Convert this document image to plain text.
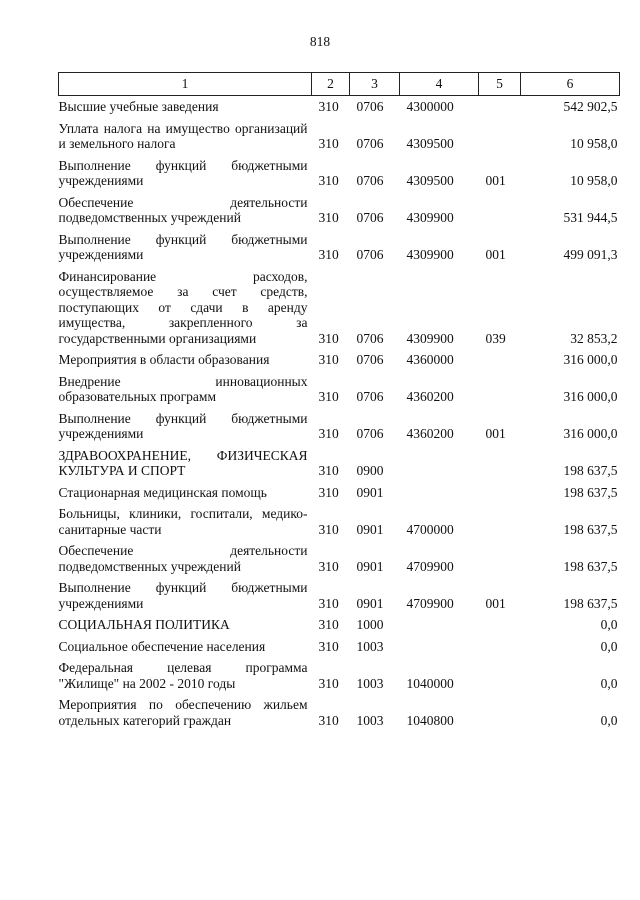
818
1	2	3	4	5	6
Высшие учебные заведения	310	0706	4300000		542 902,5
Уплата налога на имущество организаций и земельного налога	310	0706	4309500		10 958,0
Выполнение функций бюджетными учреждениями	310	0706	4309500	001	10 958,0
Обеспечение деятельности подведомственных учреждений	310	0706	4309900		531 944,5
Выполнение функций бюджетными учреждениями	310	0706	4309900	001	499 091,3
Финансирование расходов, осуществляемое за счет средств, поступающих от сдачи в аренду имущества, закрепленного за государственными организациями	310	0706	4309900	039	32 853,2
Мероприятия в области образования	310	0706	4360000		316 000,0
Внедрение инновационных образовательных программ	310	0706	4360200		316 000,0
Выполнение функций бюджетными учреждениями	310	0706	4360200	001	316 000,0
ЗДРАВООХРАНЕНИЕ, ФИЗИЧЕСКАЯ КУЛЬТУРА И СПОРТ	310	0900			198 637,5
Стационарная медицинская помощь	310	0901			198 637,5
Больницы, клиники, госпитали, медико-санитарные части	310	0901	4700000		198 637,5
Обеспечение деятельности подведомственных учреждений	310	0901	4709900		198 637,5
Выполнение функций бюджетными учреждениями	310	0901	4709900	001	198 637,5
СОЦИАЛЬНАЯ ПОЛИТИКА	310	1000			0,0
Социальное обеспечение населения	310	1003			0,0
Федеральная целевая программа "Жилище" на 2002 - 2010 годы	310	1003	1040000		0,0
Мероприятия по обеспечению жильем отдельных категорий граждан	310	1003	1040800		0,0
